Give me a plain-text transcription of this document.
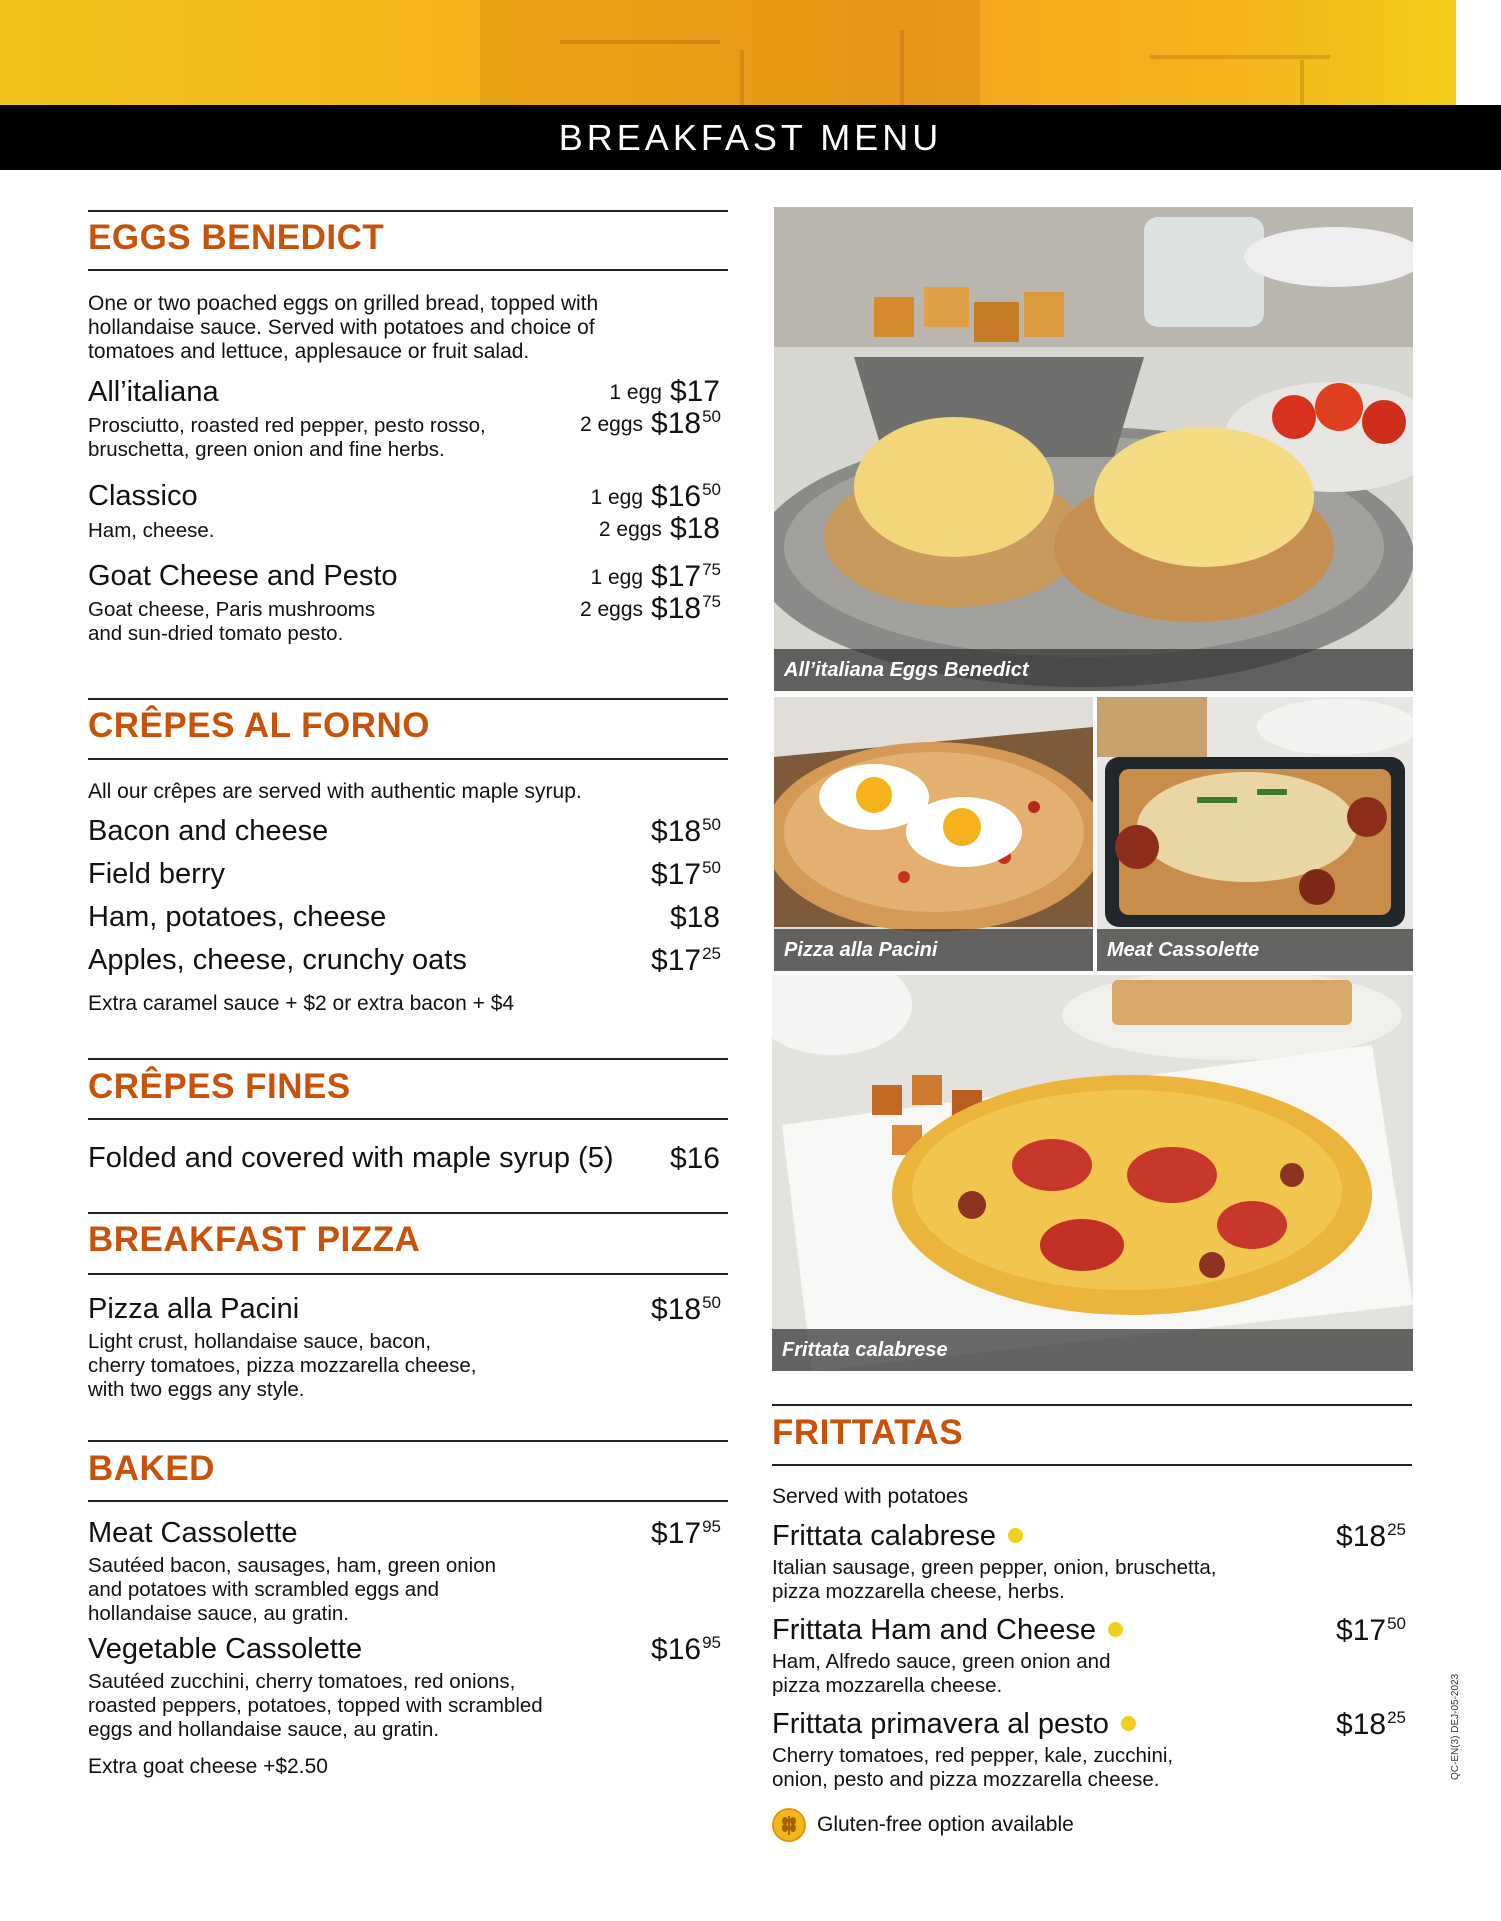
BREAKFAST MENU
EGGS BENEDICT
One or two poached eggs on grilled bread, topped with
hollandaise sauce. Served with potatoes and choice of
tomatoes and lettuce, applesauce or fruit salad.
All’italiana
Prosciutto, roasted red pepper, pesto rosso,
bruschetta, green onion and fine herbs.
1 egg $17
2 eggs $\$18^{50}$
Classico
Ham, cheese.
1 egg $\$16^{50}$
2 eggs $18
Goat Cheese and Pesto
Goat cheese, Paris mushrooms
and sun-dried tomato pesto.
1 egg $\$17^{75}$
2 eggs $\$18^{75}$
CRÊPES AL FORNO
All our crêpes are served with authentic maple syrup.
Bacon and cheese	$\$18^{50}$
Field berry	$\$17^{50}$
Ham, potatoes, cheese	$18
Apples, cheese, crunchy oats	$\$17^{25}$
Extra caramel sauce + $2 or extra bacon + $4
CRÊPES FINES
Folded and covered with maple syrup (5) $16
BREAKFAST PIZZA
Pizza alla Pacini	$\$18^{50}$
Light crust, hollandaise sauce, bacon,
cherry tomatoes, pizza mozzarella cheese,
with two eggs any style.
BAKED
Meat Cassolette	$\$17^{95}$
Sautéed bacon, sausages, ham, green onion
and potatoes with scrambled eggs and
hollandaise sauce, au gratin.
Vegetable Cassolette	$\$16^{95}$
Sautéed zucchini, cherry tomatoes, red onions,
roasted peppers, potatoes, topped with scrambled
eggs and hollandaise sauce, au gratin.
Extra goat cheese +$2.50
All’italiana Eggs Benedict
Pizza alla Pacini	Meat Cassolette
Frittata calabrese
FRITTATAS
Served with potatoes
Frittata calabrese	$\$18^{25}$
Italian sausage, green pepper, onion, bruschetta,
pizza mozzarella cheese, herbs.
Frittata Ham and Cheese	$\$17^{50}$
Ham, Alfredo sauce, green onion and
pizza mozzarella cheese.
Frittata primavera al pesto	$\$18^{25}$
Cherry tomatoes, red pepper, kale, zucchini,
onion, pesto and pizza mozzarella cheese.
Gluten-free option available
QC-EN(3) DEJ-05-2023
